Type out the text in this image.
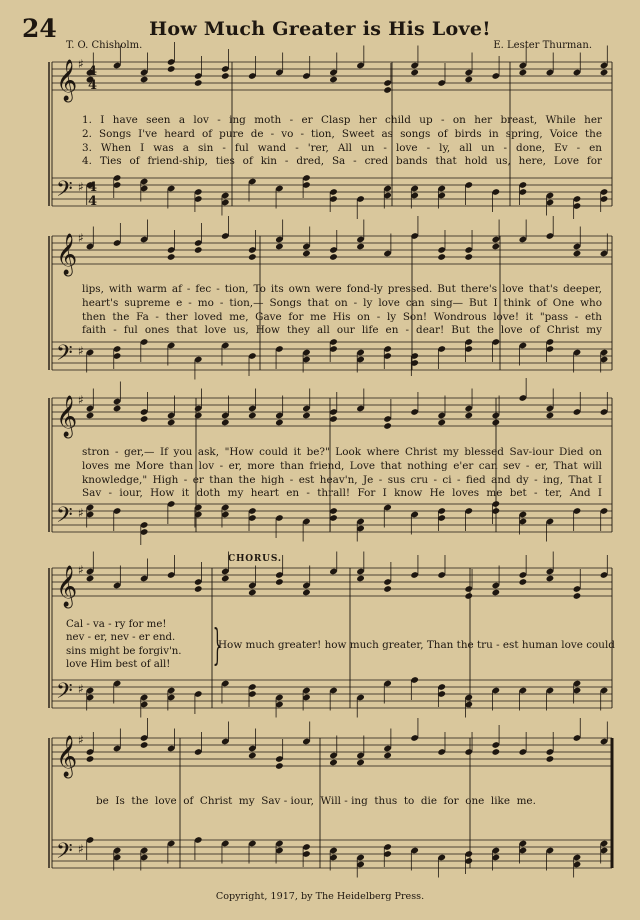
𝄞 ♯
𝄢 ♯
𝄞 ♯
𝄢 ♯
𝄞 ♯
𝄢 ♯
𝄞 ♯
𝄢 ♯
𝄞 ♯
𝄢 ♯
4
4
4
4
24	How Much Greater is His Love!
T. O. Chisholm.	E. Lester Thurman.
1. I have seen a lov - ing moth - er Clasp her child up - on her breast, While her
2. Songs I've heard of pure de - vo - tion, Sweet as songs of birds in spring, Voice the
3. When I was a sin - ful wand - 'rer, All un - love - ly, all un - done, Ev - en
4. Ties of friend-ship, ties of kin - dred, Sa - cred bands that hold us, here, Love for
lips, with warm af - fec - tion, To its own were fond-ly pressed. But there's love that's deeper,
heart's supreme e - mo - tion,— Songs that on - ly love can sing— But I think of One who
then the Fa - ther loved me, Gave for me His on - ly Son! Wondrous love! it "pass - eth
faith - ful ones that love us, How they all our life en - dear! But the love of Christ my
stron - ger,— If you ask, "How could it be?" Look where Christ my blessed Sav-iour Died on
loves me More than lov - er, more than friend, Love that nothing e'er can sev - er, That will
knowledge," High - er than the high - est heav'n, Je - sus cru - ci - fied and dy - ing, That I
Sav - iour, How it doth my heart en - thrall! For I know He loves me bet - ter, And I
CHORUS.
Cal - va - ry for me!
nev - er, nev - er end.
sins might be forgiv'n.
love Him best of all! }
How much greater! how much greater, Than the tru - est human love could
be Is the love of Christ my Sav - iour, Will - ing thus to die for one like me.
Copyright, 1917, by The Heidelberg Press.
